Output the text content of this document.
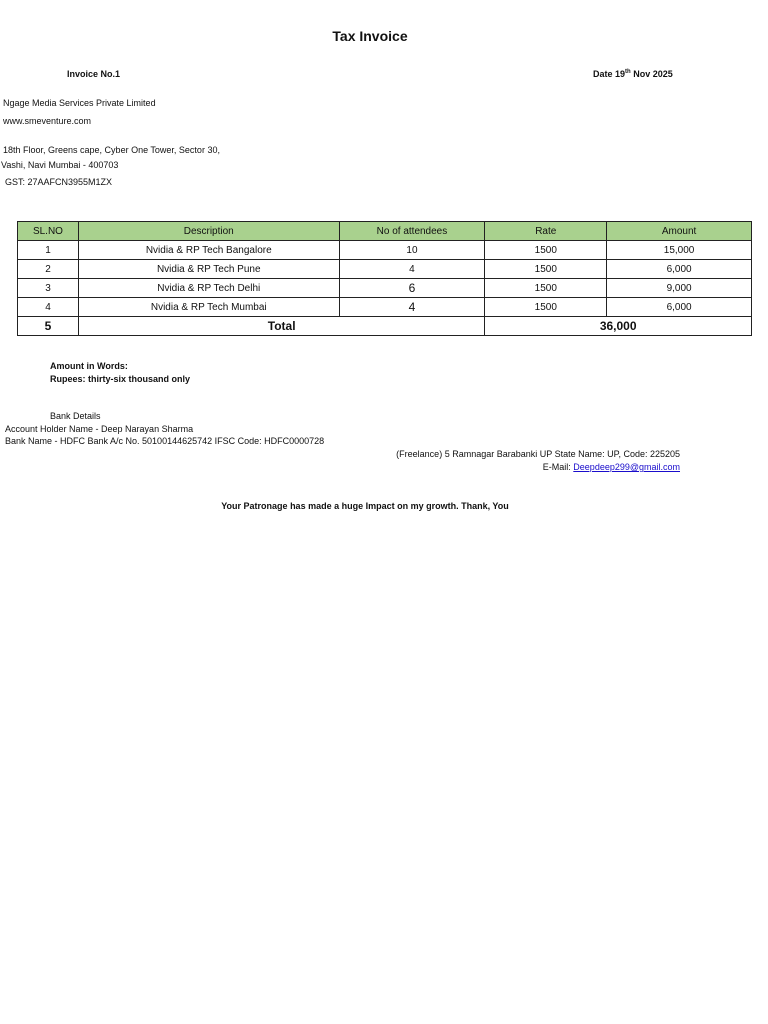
Tax Invoice
Invoice No.1	Date 19th Nov 2025
Ngage Media Services Private Limited
www.smeventure.com
18th Floor, Greens cape, Cyber One Tower, Sector 30,
Vashi, Navi Mumbai - 400703
GST: 27AAFCN3955M1ZX
SL.NO	Description	No of attendees	Rate	Amount
1	Nvidia & RP Tech Bangalore	10	1500	15,000
2	Nvidia & RP Tech Pune	4	1500	6,000
3	Nvidia & RP Tech Delhi	6	1500	9,000
4	Nvidia & RP Tech Mumbai	4	1500	6,000
5	Total		36,000	
Amount in Words:
Rupees: thirty-six thousand only
Bank Details
Account Holder Name - Deep Narayan Sharma
Bank Name - HDFC Bank A/c No. 50100144625742 IFSC Code: HDFC0000728
(Freelance) 5 Ramnagar Barabanki UP State Name: UP, Code: 225205
E-Mail: Deepdeep299@gmail.com
Your Patronage has made a huge Impact on my growth. Thank, You
